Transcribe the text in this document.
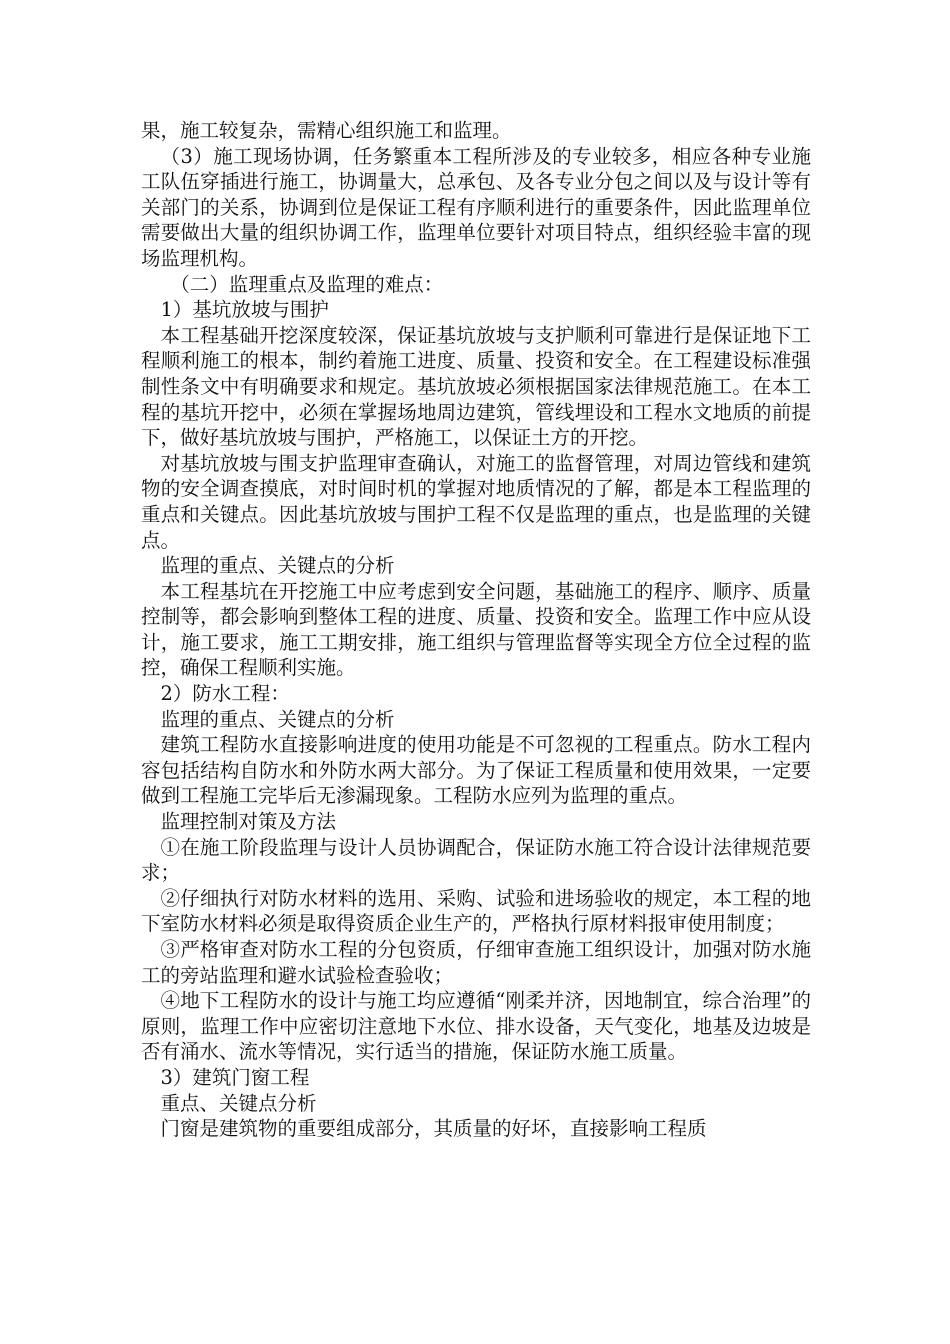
果，施工较复杂，需精心组织施工和监理。

（3）施工现场协调，任务繁重本工程所涉及的专业较多，相应各种专业施工队伍穿插进行施工，协调量大，总承包、及各专业分包之间以及与设计等有关部门的关系，协调到位是保证工程有序顺利进行的重要条件，因此监理单位需要做出大量的组织协调工作，监理单位要针对项目特点，组织经验丰富的现场监理机构。

（二）监理重点及监理的难点：

1）基坑放坡与围护

本工程基础开挖深度较深，保证基坑放坡与支护顺利可靠进行是保证地下工程顺利施工的根本，制约着施工进度、质量、投资和安全。在工程建设标准强制性条文中有明确要求和规定。基坑放坡必须根据国家法律规范施工。在本工程的基坑开挖中，必须在掌握场地周边建筑，管线埋设和工程水文地质的前提下，做好基坑放坡与围护，严格施工，以保证土方的开挖。

对基坑放坡与围支护监理审查确认，对施工的监督管理，对周边管线和建筑物的安全调查摸底，对时间时机的掌握对地质情况的了解，都是本工程监理的重点和关键点。因此基坑放坡与围护工程不仅是监理的重点，也是监理的关键点。

监理的重点、关键点的分析

本工程基坑在开挖施工中应考虑到安全问题，基础施工的程序、顺序、质量控制等，都会影响到整体工程的进度、质量、投资和安全。监理工作中应从设计，施工要求，施工工期安排，施工组织与管理监督等实现全方位全过程的监控，确保工程顺利实施。

2）防水工程：

监理的重点、关键点的分析

建筑工程防水直接影响进度的使用功能是不可忽视的工程重点。防水工程内容包括结构自防水和外防水两大部分。为了保证工程质量和使用效果，一定要做到工程施工完毕后无渗漏现象。工程防水应列为监理的重点。

监理控制对策及方法

①在施工阶段监理与设计人员协调配合，保证防水施工符合设计法律规范要求；

②仔细执行对防水材料的选用、采购、试验和进场验收的规定，本工程的地下室防水材料必须是取得资质企业生产的，严格执行原材料报审使用制度；

③严格审查对防水工程的分包资质，仔细审查施工组织设计，加强对防水施工的旁站监理和避水试验检查验收；

④地下工程防水的设计与施工均应遵循“刚柔并济，因地制宜，综合治理”的原则，监理工作中应密切注意地下水位、排水设备，天气变化，地基及边坡是否有涌水、流水等情况，实行适当的措施，保证防水施工质量。

3）建筑门窗工程

重点、关键点分析

门窗是建筑物的重要组成部分，其质量的好坏，直接影响工程质
